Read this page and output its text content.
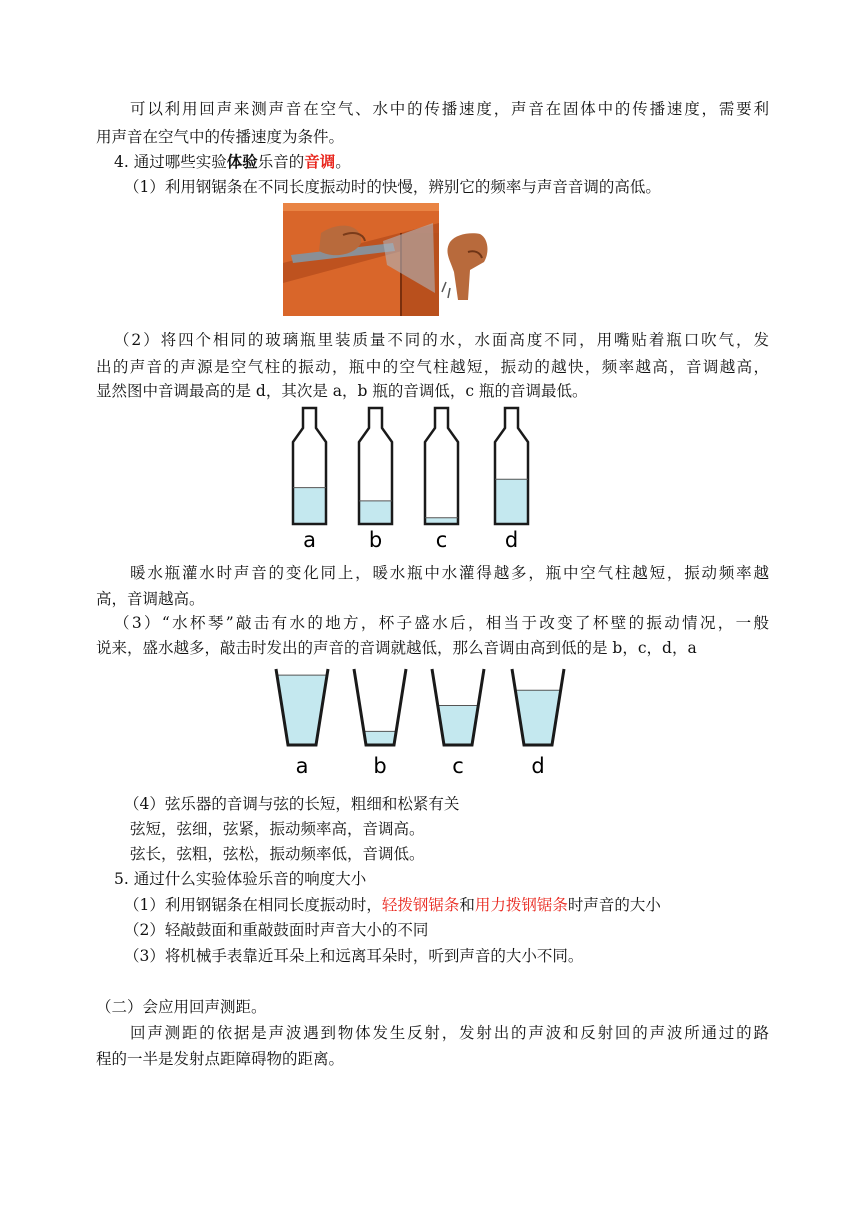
可以利用回声来测声音在空气、水中的传播速度，声音在固体中的传播速度，需要利
用声音在空气中的传播速度为条件。
4. 通过哪些实验体验乐音的音调。
（1）利用钢锯条在不同长度振动时的快慢，辨别它的频率与声音音调的高低。
（2）将四个相同的玻璃瓶里装质量不同的水，水面高度不同，用嘴贴着瓶口吹气，发
出的声音的声源是空气柱的振动，瓶中的空气柱越短，振动的越快，频率越高，音调越高，
显然图中音调最高的是 d，其次是 a，b 瓶的音调低，c 瓶的音调最低。
a	b	c	d
暖水瓶灌水时声音的变化同上，暖水瓶中水灌得越多，瓶中空气柱越短，振动频率越
高，音调越高。
（3）“水杯琴”敲击有水的地方，杯子盛水后，相当于改变了杯壁的振动情况，一般
说来，盛水越多，敲击时发出的声音的音调就越低，那么音调由高到低的是 b，c，d，a
a	b	c	d
（4）弦乐器的音调与弦的长短，粗细和松紧有关
弦短，弦细，弦紧，振动频率高，音调高。
弦长，弦粗，弦松，振动频率低，音调低。
5. 通过什么实验体验乐音的响度大小
（1）利用钢锯条在相同长度振动时，轻拨钢锯条和用力拨钢锯条时声音的大小
（2）轻敲鼓面和重敲鼓面时声音大小的不同
（3）将机械手表靠近耳朵上和远离耳朵时，听到声音的大小不同。
（二）会应用回声测距。
回声测距的依据是声波遇到物体发生反射，发射出的声波和反射回的声波所通过的路
程的一半是发射点距障碍物的距离。
